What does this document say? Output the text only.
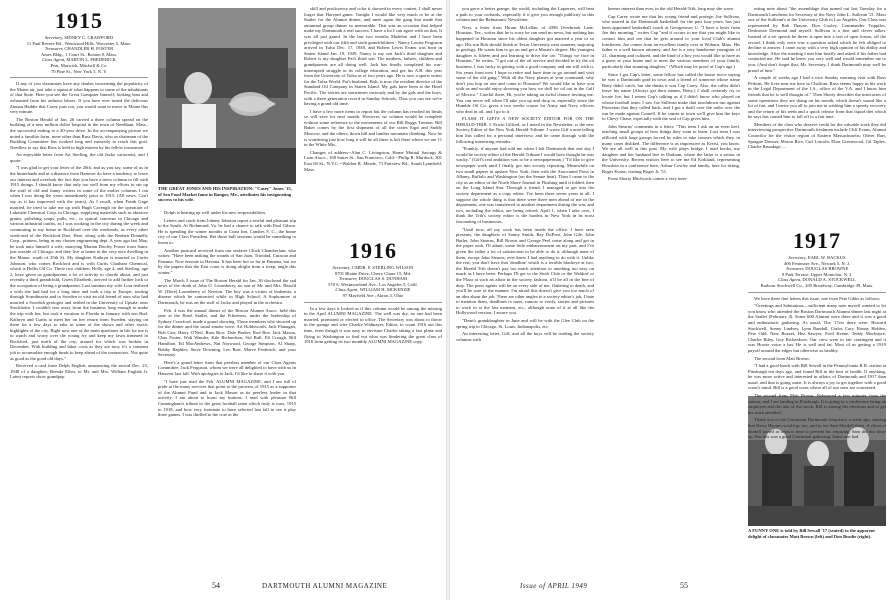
1915
Secretary, SIDNEY C. CRAWFORD
11 Paul Revere Rd., Westwood Hills. Worcester 5, Mass.
Treasurer, CHANDLER H. FOSTER
Ames Bldg., 1 Court St., Boston 8, Mass.
Class Agent, MARTIN L. FREDERICK
Peat, Marwick, Mitchell & Co.
70 Pine St., New York 5, N. Y.

If any of you classmates have any doubts concerning the popularity of the Maine air, just take a squint at what happens to some of the inhabitants of that State. Here you see the Great Gompster himself, looking lean and exhausted from his arduous labors. If you have ever tasted the delicious Zinnan Haddie that Casey puts out, you would want to move to Maine this very minute.

The Boston Herald of Jan. 26 carried a three column spread on the building of a new million dollar hospital in the town of Needham, Mass., the successful ending to a 40-year drive. In the accompanying picture we noted a familiar form, none other than Russ Davis, who as chairman of the Building Committee has worked long and earnestly to reach this goal. Needless to say that Russ is held in high esteem by his fellow townsmen.

An enjoyable letter from Art Sterling, the old Jacko cartoonist, and I quote:

"I was glad to get your letter of the 20th, and as you say, some of us in the hinterlands and at a distance from Hanover do have a tendency to leave our interest and overlook the fact that you have a news column to fill with 1915 doings. I should know that only too well from my efforts to stir up the stuff of old and funny writers in some of the earlier columns I ran when I was doing the years immediately prior to 1915. (All news. Can't say as it has improved with the years). As I recall, when Frank Gage married, he tried to take me up with Hugh Cavengh on the operation of Lakeside Chemical Corp. in Chicago, supplying materials such as abrasive grains, polishing soaps, pulls, etc., to optical concerns in Chicago and various industrial outfits, as I was working in the city during the week and commuting to my home in Rockford over the weekends, as every other week-end of the Rockford Dart. Here, along with the Reuben Donnelly Corp., printers, being in my chosen engineering dept. A year ago last May, he took unto himself a wife, marrying Marian Dooley Fraser from Saint, just outside of Chicago, and they live at home in the very nice dwelling in the Manor, south of 35th St. My daughter Kathryn is married to Curtis Johnson, who comes Rockford and is with Curtis Chatham Chemical, which is Hollis Oil Co. These two children, Holly, age 4, and Sterling, age 2, have given us grandparents a lot of activity to chortle about, and just recently a third grandchild, Gwen Elizabeth, arrived to add further luck to the occupation of being a grandparent. Last summer my wife Lora realized a wish she had had for a long time and took a trip to Europe, touring through Scandinavia and to Sweden to visit an old friend of ours who had married a Swedish geologist and settled in the University of Upsala, near Stockholm. I couldn't tear away from the business long enough to make the trip with her, but took a vacation to Florida in January with son Bud. Kathryn and Curtis to meet her on her return from Sweden, staying on there for a few days to take in some of the shows and other exotic highlights of the city. Right now one of the main questions in life for me is to watch and worry over the young fry and keep my lawn trimmed in Rockford, just north of the city, around for which was broken in December. With building and labor costs as they are now, it's a constant job to accumulate enough funds to keep ahead of the contractors. Not quite as good as the good old days."

Received a card from Delph English, announcing the arrival Dec. 23, 1948 of a daughter, Brenda Ellen, to Mr. and Mrs. William English Jr. Latest reports show grandpop

THE GREAT JONES AND HIS INSPIRATION: "Casey" Jones '15, of Sea Food Market fame in Bangor, Me., attributes his invigorating success to his wife.

Dolph is bearing up well under his new responsibilities.

Letters and cards from Johnny Johnson report a restful and pleasant trip to the South. At Richmond, Va. he had a chance to talk with Paul Gilson. He is spending the winter months at Coast Inn, Candies S. C., the home city of our Class President. Bet those bull sessions would be something to listen to.

Another postcard received from our seafarer Chick Chamberlain, who writes: "Have been making the rounds of San Juan, Trinidad, Curacao and Panama. Now enroute to Havana. It has been hot so far in Panama, but we by the papers that the East coast is doing alright from a steep, angle this winter."

The March 5 issue of The Boston Herald for Jan. 30 disclosed the sad news of the death of John O. Lounsberry, no son of Mr. and Mrs. Harold W. (Dace) Lounsberry of Newton. The boy was a victim of leukemia, a disease which he contracted while in High School. A Sophomore at Dartmouth, he was on the staff of Jacko and played in the orchestra.

Feb. 4 was the annual dinner of the Boston Alumni Assoc. held this year at the Hotel Statler, and the Fifteeners, under the leadership of Sydney Crawford, made a grand showing. Those members who showed up for the dinner and the usual smoke were: Art Holdsworth, Jack Flanagan, Bob Carr, Harry O'Neil, Russ Rice, Dale Barker, Rod Boe, Jack Mason, Chas Foster, Walt Wander, Kile Richardson, Sid Bull, Eli Crough, Bill Hamilton, Ed MacAndrews, Nat Norwood, George Simpson, Al Sharp, Bobby Raphlev, Steve Downing, Leo Burt, Marve Frederick, and your Secretary.

Here's a grand letter from that peerless member of our Class Agents Committee, Jack Ferguson, whom we were all delighted to have with us in Hanover last fall. With apologies to Jack, I'd like to share it with you.

"I have just read the Feb. ALUMNI MAGAZINE, and I am full of pride at the many services that point to the prowess of 1915 as a supporter of the Alumni Fund and to Jack Mason as its peerless leader in that activity. I am about to boast my buttons. I read with pleasure Bill Cunningham's tribute to the great football team which truly is ours, 1915 to 1918, and how very fortunate to have selected last fall to see it play three games. I was thrilled to the core at the

skill and proficiency and color it showed in every contest. I shall never forget that Harvard game. Tonight I would like very much to be at the Statler for the Alumni dinner, and meet again the gang that made that autumnal group dinner so memorable. That was an occasion that helped make my Dartmouth a real success. I have a lot I can agree with on that, It was all just grand. In the last two months Madelon and I have been privileged with our fifth and sixth grandchildren - Nancy Louise Ferguson arrived in Tulsa Dec. 17, 1948, and Robert Lewis Evans was born in Staten Island Jan. 19, 1949. Nancy is my son Jack's third daughter and Robert is my daughter Pat's third son. The mothers, fathers, children and grandparents are all doing well. Jack has finally completed his war-interrupted struggle in its college education, and got his A.B. this year from the University of Tulsa as of two years ago. He is now a sports writer for the Tulsa World. Pat's husband, Bob, is now the resident director of the Standard Oil Company in Staten Island. My gals have been at the Hotel Pacific. The stories are sometimes curiously and by the gals and the boys, with a three generation record in Sunday Schools, Thus you can see we're having a grand old time.

I have a few more items to report but the column has reached its limits so will save for next month. However, no column would be complete without some reference to the movements of our Bill Ruggs Trenton. Bill Baker comes by the first shipment of all the crates Eqpt and Suddy Moscow, and the others, down hill and lumber mountain climbing. Now he is wondering just how long it will be all there is left there where we are 11 in the White Mts.

Changes of address--Alan C. Livingston, Home Mutual Savings & Loan Assoc., 168 Sutter St., San Francisco, Calif.--Philip R. Murdock, 301 East 69 St., N.Y.C.--Waldon R. Meade, 73 Fairview Rd., South Lynnfield, Mass.

1916
Secretary, CMDR. F. STERLING WILSON
8701 Blaine Drive, Chevy Chase 15, Md.
Treasurer, DOUGLAS S. DUNHAM
570 S. Westmoreland Ave., Los Angeles 5, Calif.
Class Agent, WILLIAM H. MCKENZIE
97 Mayfield Ave., Akron 3, Ohio

In a few days it looked as if this column would be among the missing in the April ALUMNI MAGAZINE. The well was dry, no one had been married, promoted or elected to office. The Secretary was about to throw in the sponge and wire Charlie Widmayer, Editor, to count 1916 out this time, even though it was easy to envision Charlie taking a fast plane and flying to Washington to find out what was hindering the great class of 1916 from getting its two monthly ALUMNI MAGAZINE copy.

54	DARTMOUTH ALUMNI MAGAZINE

you grow a better grange, the world, including the Lapierres, will beat a path to your orchards, especially if it give you enough publicity in this column and the Belmaranic Newsletter.

Next, a letter from Hiram McLellan, of 4396 Overbrook Lane, Houston, Tex., writes that he is sorry he can send no news, but nothing has happened in Houston since his oldest daughter got married a year or so ago. His son Bob should finish at Texas University next summer, majoring in geology. He wants him to go on and get a Master's degree. His youngest daughter is fifteen and just learning to drive the car. "Things we face in Houston," he writes, "I got out of the oil service and decided to try the oil business. I was lucky in getting with a good company and am still with it. Six years from now I hope to retire and have time to go around and visit some of the old gang." With all the Navy planes at your command, why don't you hop on one and come to Houston? We would like to have you with us and would enjoy showing you how we drill for oil out in the Gulf of Mexico." Careful there, Hi, you're taking an awful chance inviting me. You can never tell when I'll take you up and drop in, especially since the Humble Oil Co. gives a two weeks course for Army and Navy officers who deal in oil, and I go to it.

FLASH IT GIFTS A NEW SOCIETY EDITOR FOR ON THE HERALD-TRIB. J. Erwin Gilford, as I noted in the Newsletter, is the new Society Editor of the New York Herald-Tribune. I wrote Giff a note telling him this called for a personal interview, and he came through with the following interesting remarks:

"Frankly, if anyone had told me when I left Dartmouth that one day I would be society editor of the Herald Tribune I would have thought he was wacky." (Giff's real ambition was to be a newspaperman.) "I'd like to give newspaper work until I finally got into society reporting. Meanwhile on two small papers in upstate New York, then with the Associated Press in Albany, Buffalo and Washington (on the Senate beat). Then I came to the city as an editor of the North Shore Journal in Flushing until it folded, then on the Long Island Star. Through a friend, I managed to get into the society department as a copy editor. I've been there seven years in all. I suppose the whole thing is that there were three men ahead of me in the department, one was transferred to another department during the war, and two, including the editor, are being retired. April 1, when I take over, I think the Trib's society editor is the hardest in New York in its most fascinating of businesses.

"Until now, all my work has been inside the office. I have seen presents, the daughters of Sonny Smith, Ray DuPont, John Gile, John Butler, John Stearns, Bill Brown and George Peel come along and get in the paper with, I'll admit, some little embarrassment on my part, and I've given the father a lot of satisfaction to be able to do it, although none of them, except John Stearns, ever knew I had anything to do with it. Unlike the rest, you don't have that 'deadline' which is a terrible blackeye at two, the Herald Trib doesn't pay too much attention to anything too easy on much as I have been. Perhaps I'll get to the Stork Club or the Waldorf or the Plaza at such an affair in the society fashion, it'll be all in the line of duty. The press agents will be on every side of me, flattering to death, and you'll be sure of the manner. I'm afraid this doesn't give you too much of an idea about the job. There are other angles to a society editor's job, I hate to mention them, deadlines to meet, rumors to verify, stories and pictures to work in at the last moment, etc., although none of it at all like the Hollywood version, I assure you.

"Dean's granddaughter in June and will be with the Glee Club on the spring trip to Chicago, St. Louis, Indianapolis, etc.

An interesting letter, Giff, and all the boys will be reading the society columns with

keener interest than ever, in the old Herald-Trib, long may she wave.

Cap Carey wrote me that his young friend and protege, Joe Sullivan, who starred in the Dartmouth basketball for the past four years, has just been appointed basketball coach at Georgetown U. "I have a letter from Joe this morning," writes Cap "and it occurs to me that you might like to contact him and see that he gets around to your local Club's alumni luncheons. Joe comes from an excellent family over in Woburn, Mass. His father is a well known attorney, and Joe is a very handsome youngster of 21, charming and cultured, and the kind of a boy you would like to have as a guest at your home and to meet the various members of your family, particularly that stunning daughter." (Which may be proof of Cap's age.)

Since I got Cap's letter, some fellow has called the house twice saying he was a Dartmouth grad in town and a friend of someone whose name Betty didn't catch, but she thinks it was Cap Carey. Also, the caller didn't leave his name (Always get their names, Betty.) I shall certainly try to locate Joe, but I resent Cap's talking as if I didn't know who played on whose football team. I saw Joe Sullivan make that touchdown run against Princeton that they called back, and I got a thrill over the radio over the run he made against Cornell. If he comes to town we'll give him the keys to Chevy Chase, especially with the seal of Cap gives him.

John Stearns' comments in a letter: "This term I ask on an even keel, teaching small groups of how things they want to learn. Last term I was afflicted with large groups forced by rules to take courses which they, in many cases disliked. The difference is as impressive as Kreisl, you know. We are all well at this post. My wife plays bridge, I read books, my daughter and her husband live in Durham, where the latter is a senior in the University. Recent visitors here to see me Ed Kirkland, representing Bowdoin in a conference here, Arthur Cowley and family, here for skiing, Roger Evans, visiting Roger Jr. '51.

From Shorty Hitchcock comes a very inter-

A FUNNY ONE is told by Bill Sewall '17 (seated) to the apparent delight of classmates Matt Brown (left) and Don Brodie (right).

esting note about "the assemblage that turned out last Tuesday for a Dartmouth Luncheon for Secretary of the Navy John L. Sullivan '21. Mass one of the Sullivan's at the University Club in Los Angeles. Our Class was represented by Bob Thayne, Don Cooley, Commander Trippilos, Desbrosse Deemond and myself. Sullivan is a fine and clever talker. Instead of a set speech he threw it open into a sort of open forum, off the record. I think only once was a question asked which he felt obliged to decline to answer. I came away with a very high opinion of his ability and knowledge. After the meeting I met him briefly and asked if his father had contacted me. He said he knew you very well and would remember me to you. (And don't forget that, Mr. Secretary, I think Dartmouth may well be proud of him."

A couple of weeks ago I had a nice Sunday morning visit with Russ Perkins. He lives near me here in Chalfont. Russ seems happy in his work in the Legal Department of the I.A., office of the V.A. and I know him friends that he is well thought of." Then Shorty describes the intricacies of some operations they are doing on his mouth, which doesn't sound like a lot of fun, and I invite you all to join me in wishing him a speedy recovery and the return of his teeth and a quick release from that liquid diet which he says has caused him to fall off to a fair tune.

Members of the class who deserve credit for the valuable work they did interviewing prospective Dartmouth freshmen include Cliff Evans, Alumni Councilor for the visitor region of Eastern Massachusetts; Oliver Barr, Sprague Dresser, Mason Rice, Carl Lincoln, Elias Greenwood, Gil Taplev, Charlie Brundage, ...

1917
Secretary, EARL W. BACKUS
406 Fenimore Ave., Newark 5, N. J.
Treasurer, DOUGLAS BROWNE
9 Park Terrace, Upper Montclair, N. J.
Class Agent, DONALD A. STOCKWELL
Barbour Stockwell Co., 205 Broadway, Cambridge 39, Mass.

We have three fine letters this issue, one from Pete Gibbs as follows:

"Greetings and Salutations—sufficient many note myself wanted to let you know who attended the Boston Dartmouth Alumni dinner last night at the Statler (February 4). Some 600 Alumni were there and it was a good and enthusiastic gathering. As usual, The '17ers there were: Howard Stockwell, Sonny Lindsey, Lynn Randall, Carlos Cary, Ronny Holden, Pete Odd, Nate Buzzet, Hez Sawyer, Ford Keene, Teddy MacIntyre, Charlie Riley, Guy Richardson. Our crew were in fair contingent and it was Howie voice a hat. He is well and fat. Most of us getting a 1919 payoff around the edges but otherwise as healthy.

The second from Matt Brown:

"I had a good lunch with Bill Sewall in the Pennsylvania R.R. station at Pittsburgh ten days ago, and found Bill in the best of health. If anything, he was more active and interested in affairs of Dartmouth and 1917 than usual, and that is going some. It is always a joy to get together with a good scout's mind. Bill is a good scout where all of our sons are concerned.

The second from Matt Brown. Rehearsed a few minutes from the station, and I am landing in Pittsburgh. It is going to a conference being an employee and the tide of the stock. Bill is among the elections and to get his work attended.

Thank you to the Cincinnati Dartmouth frequency a week ago, sensing that Harry Haynes would go too, and to see Sam Mardell there. A client of Sardell joined in town is time to prevent his requiring. Sam did not show up. But this was a good Cincinnati gathering. Some one had

Issue of APRIL 1949	55
